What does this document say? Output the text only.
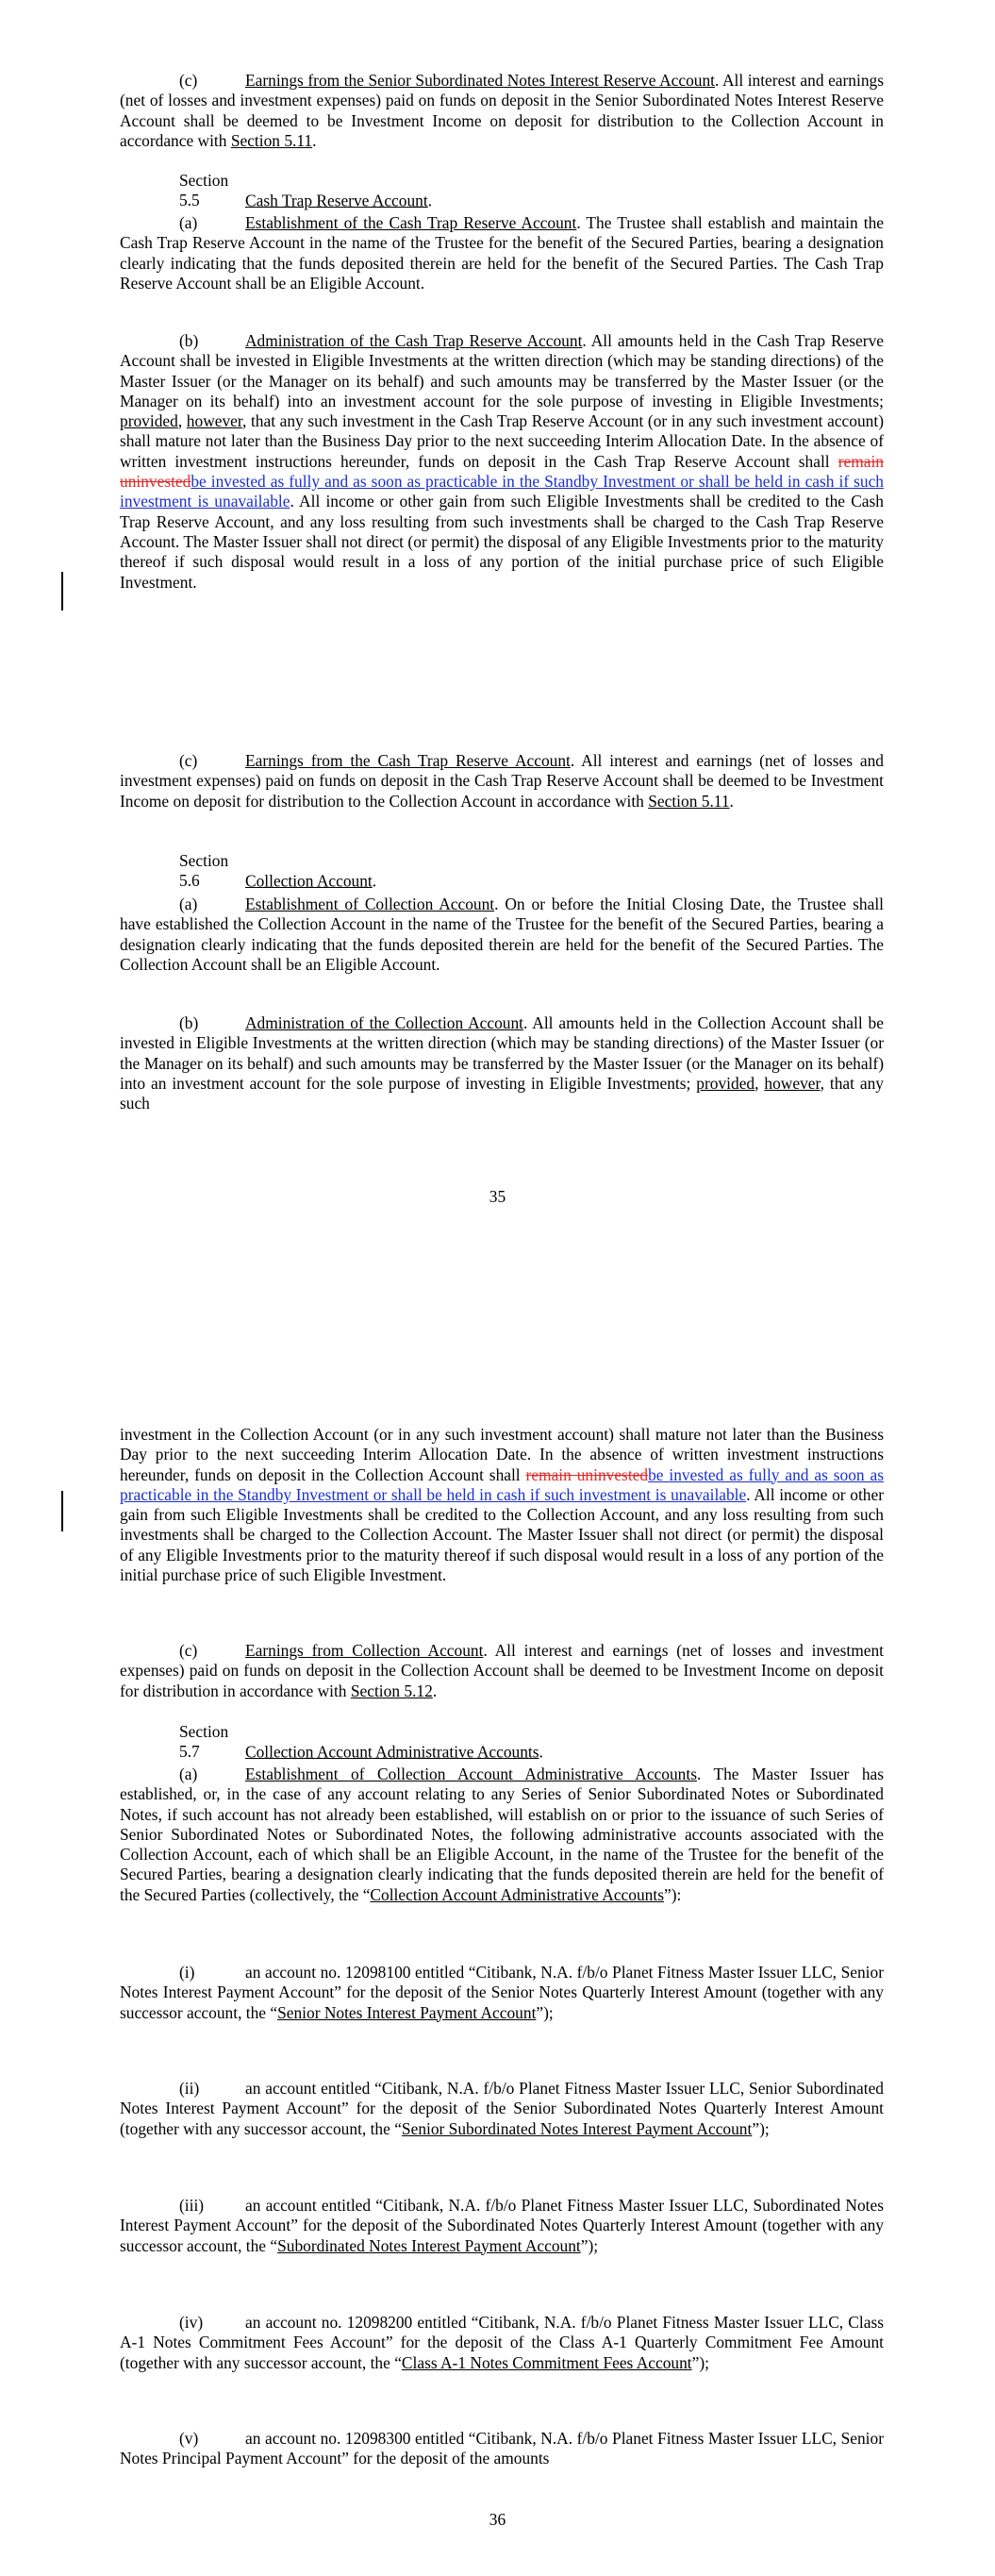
(c)	Earnings from the Senior Subordinated Notes Interest Reserve Account. All interest and earnings (net of losses and investment expenses) paid on funds on deposit in the Senior Subordinated Notes Interest Reserve Account shall be deemed to be Investment Income on deposit for distribution to the Collection Account in accordance with Section 5.11.

Section 5.5	Cash Trap Reserve Account.

(a)	Establishment of the Cash Trap Reserve Account. The Trustee shall establish and maintain the Cash Trap Reserve Account in the name of the Trustee for the benefit of the Secured Parties, bearing a designation clearly indicating that the funds deposited therein are held for the benefit of the Secured Parties. The Cash Trap Reserve Account shall be an Eligible Account.

(b)	Administration of the Cash Trap Reserve Account. All amounts held in the Cash Trap Reserve Account shall be invested in Eligible Investments at the written direction (which may be standing directions) of the Master Issuer (or the Manager on its behalf) and such amounts may be transferred by the Master Issuer (or the Manager on its behalf) into an investment account for the sole purpose of investing in Eligible Investments; provided, however, that any such investment in the Cash Trap Reserve Account (or in any such investment account) shall mature not later than the Business Day prior to the next succeeding Interim Allocation Date. In the absence of written investment instructions hereunder, funds on deposit in the Cash Trap Reserve Account shall remain uninvestedbe invested as fully and as soon as practicable in the Standby Investment or shall be held in cash if such investment is unavailable. All income or other gain from such Eligible Investments shall be credited to the Cash Trap Reserve Account, and any loss resulting from such investments shall be charged to the Cash Trap Reserve Account. The Master Issuer shall not direct (or permit) the disposal of any Eligible Investments prior to the maturity thereof if such disposal would result in a loss of any portion of the initial purchase price of such Eligible Investment.

(c)	Earnings from the Cash Trap Reserve Account. All interest and earnings (net of losses and investment expenses) paid on funds on deposit in the Cash Trap Reserve Account shall be deemed to be Investment Income on deposit for distribution to the Collection Account in accordance with Section 5.11.

Section 5.6	Collection Account.

(a)	Establishment of Collection Account. On or before the Initial Closing Date, the Trustee shall have established the Collection Account in the name of the Trustee for the benefit of the Secured Parties, bearing a designation clearly indicating that the funds deposited therein are held for the benefit of the Secured Parties. The Collection Account shall be an Eligible Account.

(b)	Administration of the Collection Account. All amounts held in the Collection Account shall be invested in Eligible Investments at the written direction (which may be standing directions) of the Master Issuer (or the Manager on its behalf) and such amounts may be transferred by the Master Issuer (or the Manager on its behalf) into an investment account for the sole purpose of investing in Eligible Investments; provided, however, that any such

35

investment in the Collection Account (or in any such investment account) shall mature not later than the Business Day prior to the next succeeding Interim Allocation Date. In the absence of written investment instructions hereunder, funds on deposit in the Collection Account shall remain uninvestedbe invested as fully and as soon as practicable in the Standby Investment or shall be held in cash if such investment is unavailable. All income or other gain from such Eligible Investments shall be credited to the Collection Account, and any loss resulting from such investments shall be charged to the Collection Account. The Master Issuer shall not direct (or permit) the disposal of any Eligible Investments prior to the maturity thereof if such disposal would result in a loss of any portion of the initial purchase price of such Eligible Investment.

(c)	Earnings from Collection Account. All interest and earnings (net of losses and investment expenses) paid on funds on deposit in the Collection Account shall be deemed to be Investment Income on deposit for distribution in accordance with Section 5.12.

Section 5.7	Collection Account Administrative Accounts.

(a)	Establishment of Collection Account Administrative Accounts. The Master Issuer has established, or, in the case of any account relating to any Series of Senior Subordinated Notes or Subordinated Notes, if such account has not already been established, will establish on or prior to the issuance of such Series of Senior Subordinated Notes or Subordinated Notes, the following administrative accounts associated with the Collection Account, each of which shall be an Eligible Account, in the name of the Trustee for the benefit of the Secured Parties, bearing a designation clearly indicating that the funds deposited therein are held for the benefit of the Secured Parties (collectively, the “Collection Account Administrative Accounts”):

(i)	an account no. 12098100 entitled “Citibank, N.A. f/b/o Planet Fitness Master Issuer LLC, Senior Notes Interest Payment Account” for the deposit of the Senior Notes Quarterly Interest Amount (together with any successor account, the “Senior Notes Interest Payment Account”);

(ii)	an account entitled “Citibank, N.A. f/b/o Planet Fitness Master Issuer LLC, Senior Subordinated Notes Interest Payment Account” for the deposit of the Senior Subordinated Notes Quarterly Interest Amount (together with any successor account, the “Senior Subordinated Notes Interest Payment Account”);

(iii)	an account entitled “Citibank, N.A. f/b/o Planet Fitness Master Issuer LLC, Subordinated Notes Interest Payment Account” for the deposit of the Subordinated Notes Quarterly Interest Amount (together with any successor account, the “Subordinated Notes Interest Payment Account”);

(iv)	an account no. 12098200 entitled “Citibank, N.A. f/b/o Planet Fitness Master Issuer LLC, Class A-1 Notes Commitment Fees Account” for the deposit of the Class A-1 Quarterly Commitment Fee Amount (together with any successor account, the “Class A-1 Notes Commitment Fees Account”);

(v)	an account no. 12098300 entitled “Citibank, N.A. f/b/o Planet Fitness Master Issuer LLC, Senior Notes Principal Payment Account” for the deposit of the amounts

36
